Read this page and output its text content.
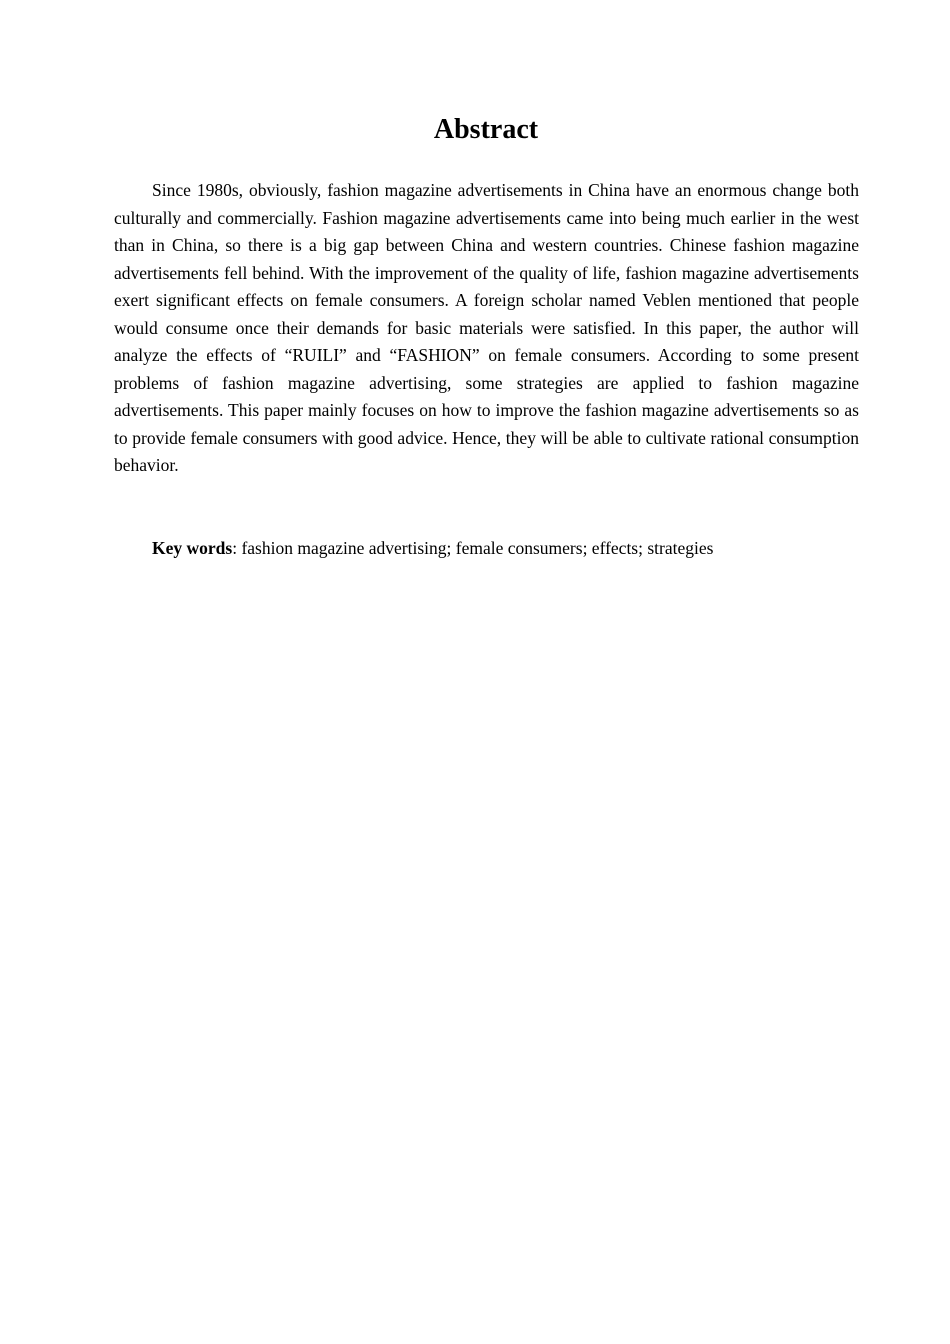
Abstract

Since 1980s, obviously, fashion magazine advertisements in China have an enormous change both culturally and commercially. Fashion magazine advertisements came into being much earlier in the west than in China, so there is a big gap between China and western countries. Chinese fashion magazine advertisements fell behind. With the improvement of the quality of life, fashion magazine advertisements exert significant effects on female consumers. A foreign scholar named Veblen mentioned that people would consume once their demands for basic materials were satisfied. In this paper, the author will analyze the effects of “RUILI” and “FASHION” on female consumers. According to some present problems of fashion magazine advertising, some strategies are applied to fashion magazine advertisements. This paper mainly focuses on how to improve the fashion magazine advertisements so as to provide female consumers with good advice. Hence, they will be able to cultivate rational consumption behavior.

Key words: fashion magazine advertising; female consumers; effects; strategies
